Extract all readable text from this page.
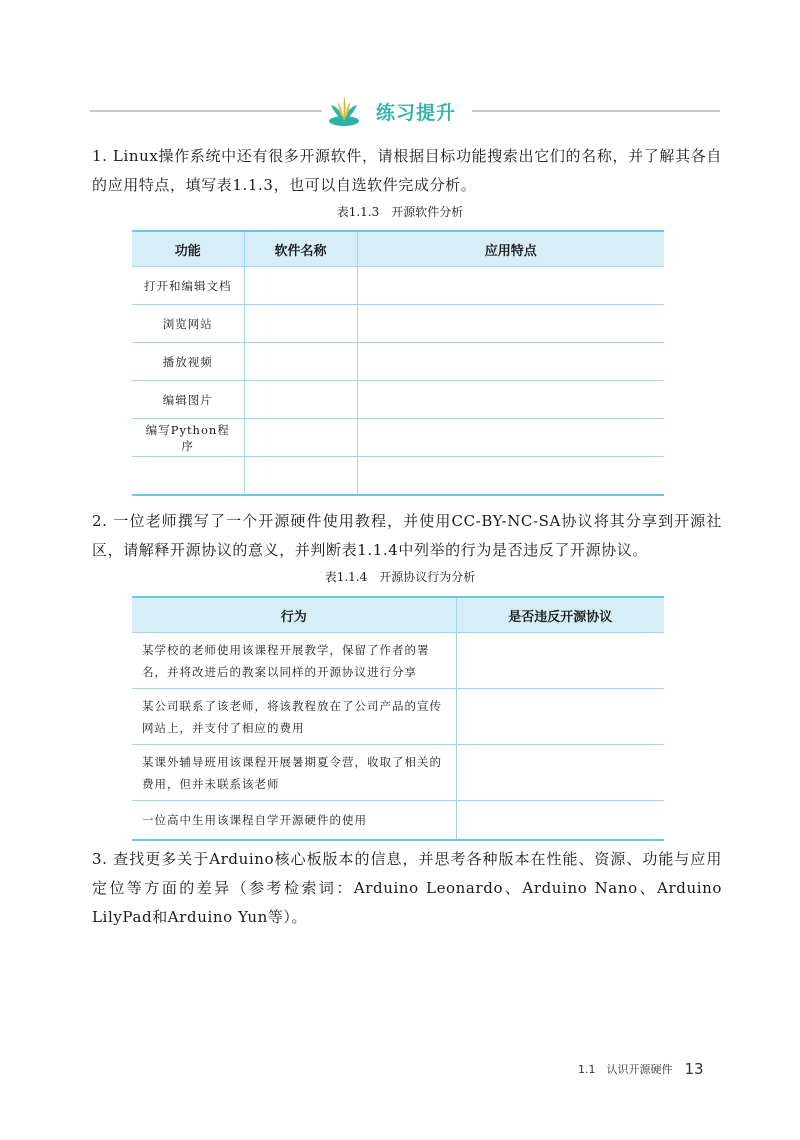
练习提升
1. Linux操作系统中还有很多开源软件，请根据目标功能搜索出它们的名称，并了解其各自的应用特点，填写表1.1.3，也可以自选软件完成分析。
表1.1.3　开源软件分析
功能	软件名称	应用特点
打开和编辑文档		
浏览网站		
播放视频		
编辑图片		
编写Python程序		

2. 一位老师撰写了一个开源硬件使用教程，并使用CC-BY-NC-SA协议将其分享到开源社区，请解释开源协议的意义，并判断表1.1.4中列举的行为是否违反了开源协议。
表1.1.4　开源协议行为分析
行为	是否违反开源协议
某学校的老师使用该课程开展教学，保留了作者的署名，并将改进后的教案以同样的开源协议进行分享	
某公司联系了该老师，将该教程放在了公司产品的宣传网站上，并支付了相应的费用	
某课外辅导班用该课程开展暑期夏令营，收取了相关的费用，但并未联系该老师	
一位高中生用该课程自学开源硬件的使用	
3. 查找更多关于Arduino核心板版本的信息，并思考各种版本在性能、资源、功能与应用定位等方面的差异（参考检索词：Arduino Leonardo、Arduino Nano、Arduino LilyPad和Arduino Yun等）。
1.1　认识开源硬件 13
